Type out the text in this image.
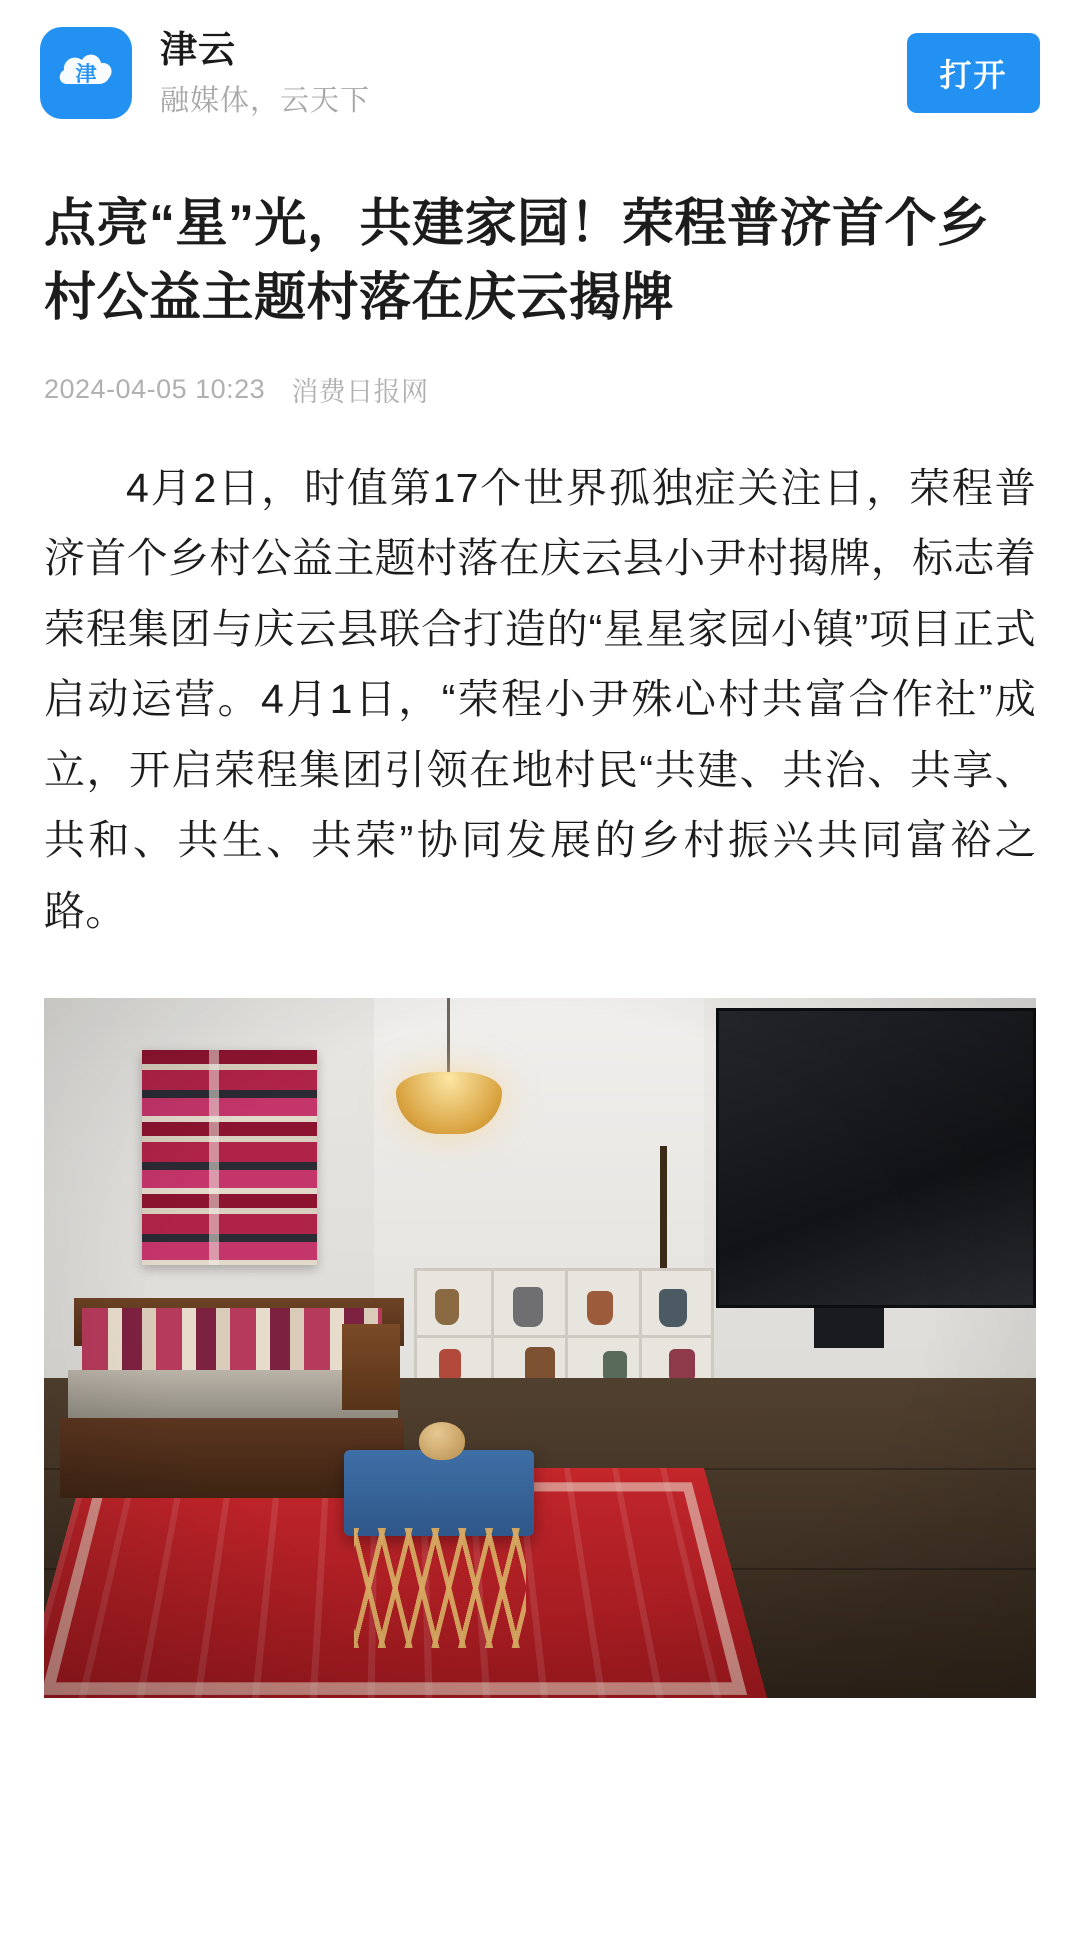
津
津云
融媒体，云天下
打开
点亮“星”光，共建家园！荣程普济首个乡村公益主题村落在庆云揭牌
2024-04-05 10:23 消费日报网

4月2日，时值第17个世界孤独症关注日，荣程普济首个乡村公益主题村落在庆云县小尹村揭牌，标志着荣程集团与庆云县联合打造的“星星家园小镇”项目正式启动运营。4月1日，“荣程小尹殊心村共富合作社”成立，开启荣程集团引领在地村民“共建、共治、共享、共和、共生、共荣”协同发展的乡村振兴共同富裕之路。
